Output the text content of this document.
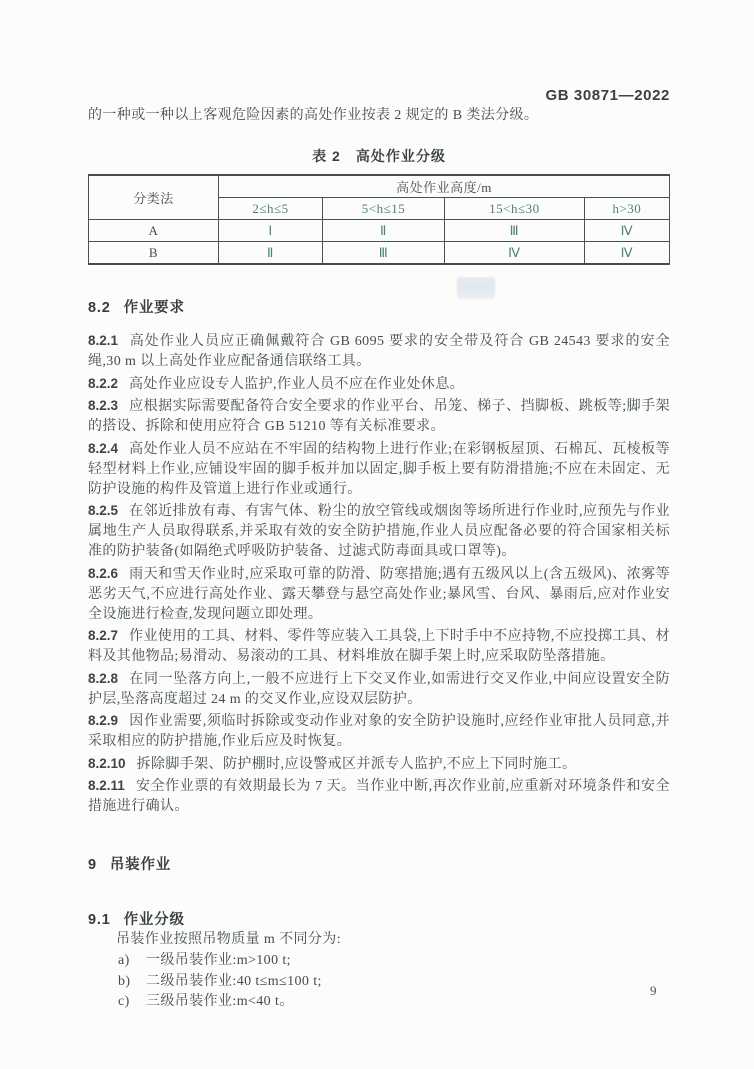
GB 30871—2022

的一种或一种以上客观危险因素的高处作业按表 2 规定的 B 类法分级。

表 2　高处作业分级
分类法	高处作业高度/m			
	2≤h≤5	5<h≤15	15<h≤30	h>30
A	Ⅰ	Ⅱ	Ⅲ	Ⅳ
B	Ⅱ	Ⅲ	Ⅳ	Ⅳ
8.2 作业要求

8.2.1 高处作业人员应正确佩戴符合 GB 6095 要求的安全带及符合 GB 24543 要求的安全绳,30 m 以上高处作业应配备通信联络工具。

8.2.2 高处作业应设专人监护,作业人员不应在作业处休息。

8.2.3 应根据实际需要配备符合安全要求的作业平台、吊笼、梯子、挡脚板、跳板等;脚手架的搭设、拆除和使用应符合 GB 51210 等有关标准要求。

8.2.4 高处作业人员不应站在不牢固的结构物上进行作业;在彩钢板屋顶、石棉瓦、瓦棱板等轻型材料上作业,应铺设牢固的脚手板并加以固定,脚手板上要有防滑措施;不应在未固定、无防护设施的构件及管道上进行作业或通行。

8.2.5 在邻近排放有毒、有害气体、粉尘的放空管线或烟囱等场所进行作业时,应预先与作业属地生产人员取得联系,并采取有效的安全防护措施,作业人员应配备必要的符合国家相关标准的防护装备(如隔绝式呼吸防护装备、过滤式防毒面具或口罩等)。

8.2.6 雨天和雪天作业时,应采取可靠的防滑、防寒措施;遇有五级风以上(含五级风)、浓雾等恶劣天气,不应进行高处作业、露天攀登与悬空高处作业;暴风雪、台风、暴雨后,应对作业安全设施进行检查,发现问题立即处理。

8.2.7 作业使用的工具、材料、零件等应装入工具袋,上下时手中不应持物,不应投掷工具、材料及其他物品;易滑动、易滚动的工具、材料堆放在脚手架上时,应采取防坠落措施。

8.2.8 在同一坠落方向上,一般不应进行上下交叉作业,如需进行交叉作业,中间应设置安全防护层,坠落高度超过 24 m 的交叉作业,应设双层防护。

8.2.9 因作业需要,须临时拆除或变动作业对象的安全防护设施时,应经作业审批人员同意,并采取相应的防护措施,作业后应及时恢复。

8.2.10 拆除脚手架、防护棚时,应设警戒区并派专人监护,不应上下同时施工。

8.2.11 安全作业票的有效期最长为 7 天。当作业中断,再次作业前,应重新对环境条件和安全措施进行确认。

9 吊装作业
9.1 作业分级

吊装作业按照吊物质量 m 不同分为:

a) 一级吊装作业:m>100 t;

b) 二级吊装作业:40 t≤m≤100 t;

c) 三级吊装作业:m<40 t。

9
